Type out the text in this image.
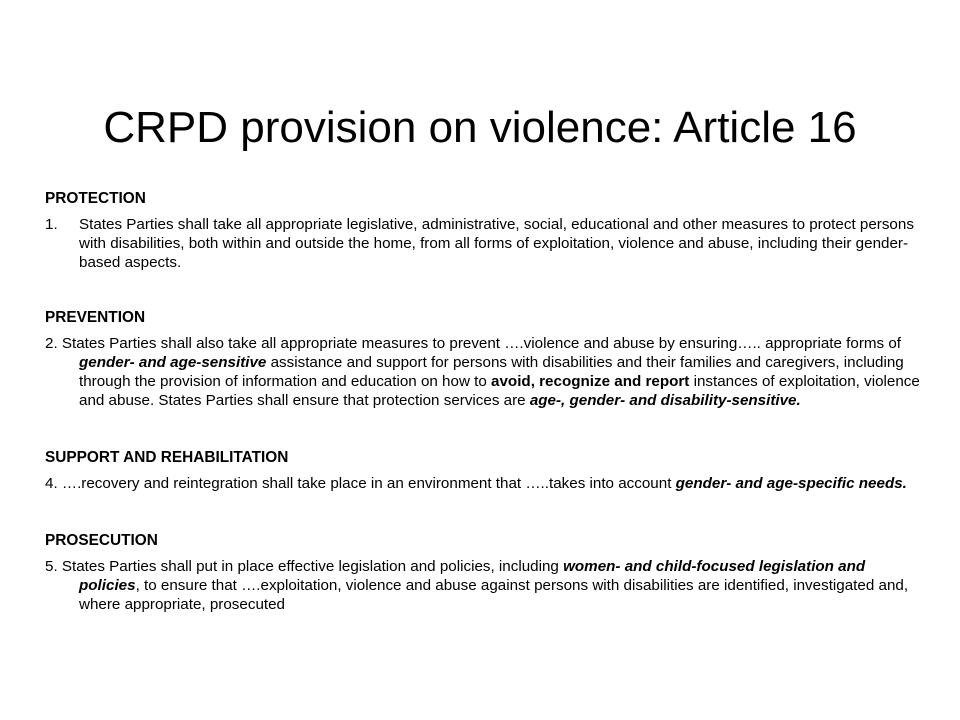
CRPD provision on violence: Article 16
PROTECTION

1. States Parties shall take all appropriate legislative, administrative, social, educational and other measures to protect persons with disabilities, both within and outside the home, from all forms of exploitation, violence and abuse, including their gender-based aspects.

PREVENTION

2. States Parties shall also take all appropriate measures to prevent ….violence and abuse by ensuring….. appropriate forms of gender- and age-sensitive assistance and support for persons with disabilities and their families and caregivers, including through the provision of information and education on how to avoid, recognize and report instances of exploitation, violence and abuse. States Parties shall ensure that protection services are age-, gender- and disability-sensitive.

SUPPORT AND REHABILITATION

4. ….recovery and reintegration shall take place in an environment that …..takes into account gender- and age-specific needs.

PROSECUTION

5. States Parties shall put in place effective legislation and policies, including women- and child-focused legislation and policies, to ensure that ….exploitation, violence and abuse against persons with disabilities are identified, investigated and, where appropriate, prosecuted
